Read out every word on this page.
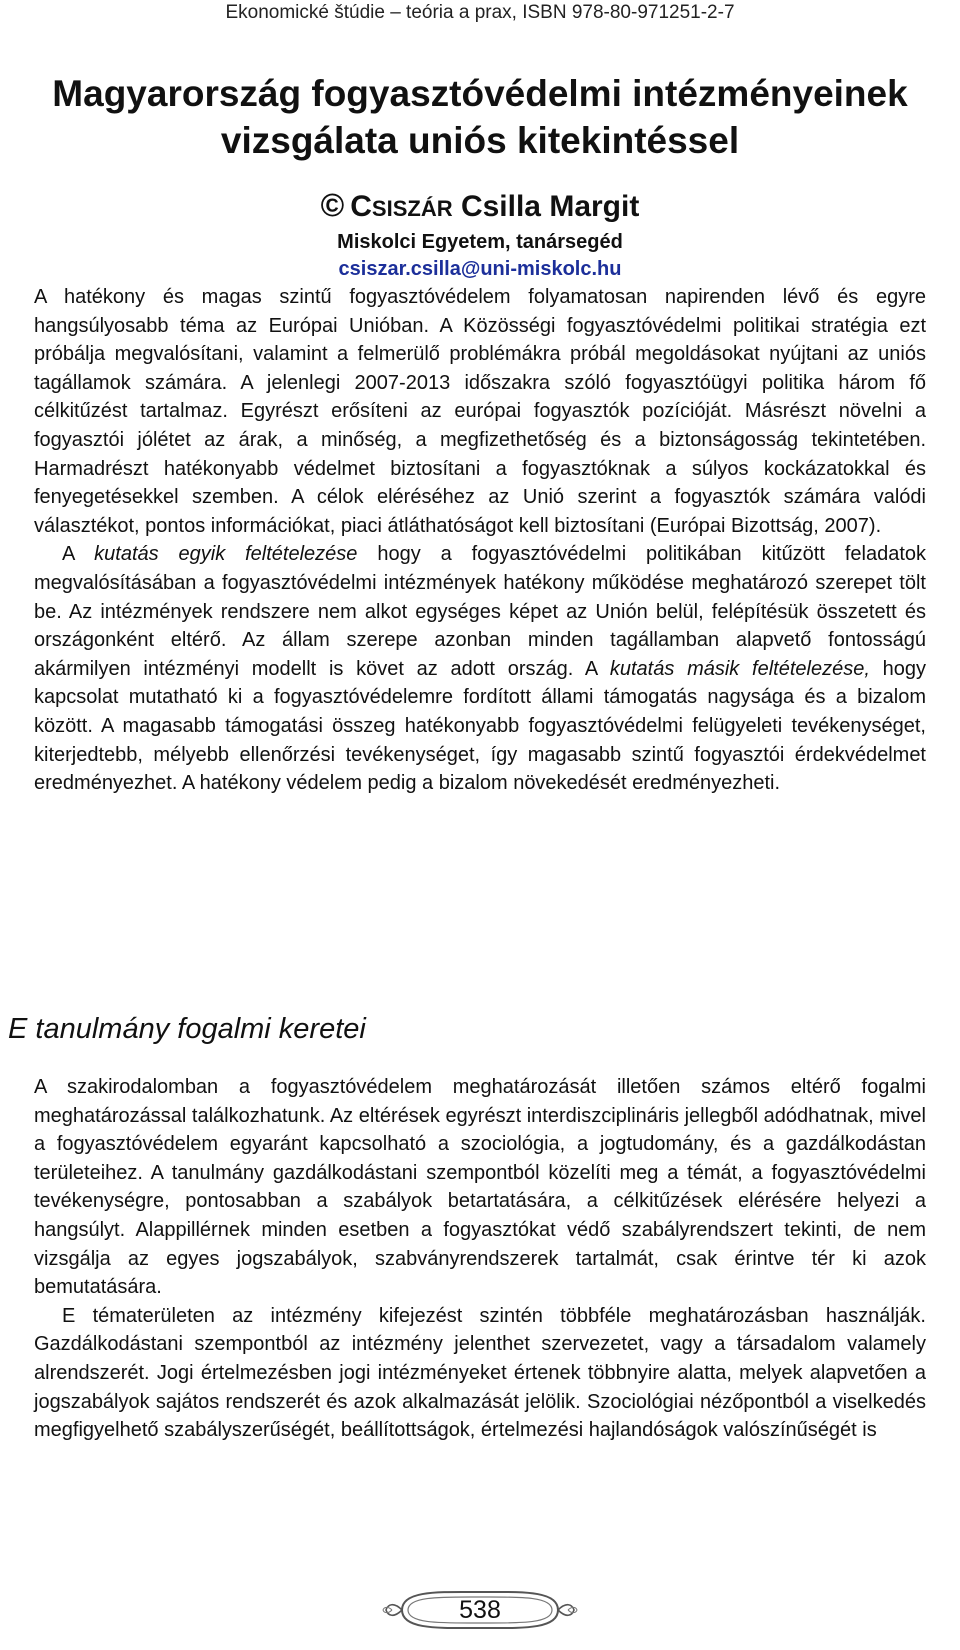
Ekonomické štúdie – teória a prax, ISBN 978-80-971251-2-7
Magyarország fogyasztóvédelmi intézményeinek
vizsgálata uniós kitekintéssel

© CSISZÁR Csilla Margit

Miskolci Egyetem, tanársegéd

csiszar.csilla@uni-miskolc.hu

A hatékony és magas szintű fogyasztóvédelem folyamatosan napirenden lévő és egyre hangsúlyosabb téma az Európai Unióban. A Közösségi fogyasztóvédelmi politikai stratégia ezt próbálja megvalósítani, valamint a felmerülő problémákra próbál megoldásokat nyújtani az uniós tagállamok számára. A jelenlegi 2007-2013 időszakra szóló fogyasztóügyi politika három fő célkitűzést tartalmaz. Egyrészt erősíteni az európai fogyasztók pozícióját. Másrészt növelni a fogyasztói jólétet az árak, a minőség, a megfizethetőség és a biztonságosság tekintetében. Harmadrészt hatékonyabb védelmet biztosítani a fogyasztóknak a súlyos kockázatokkal és fenyegetésekkel szemben. A célok eléréséhez az Unió szerint a fogyasztók számára valódi választékot, pontos információkat, piaci átláthatóságot kell biztosítani (Európai Bizottság, 2007).

A kutatás egyik feltételezése hogy a fogyasztóvédelmi politikában kitűzött feladatok megvalósításában a fogyasztóvédelmi intézmények hatékony működése meghatározó szerepet tölt be. Az intézmények rendszere nem alkot egységes képet az Unión belül, felépítésük összetett és országonként eltérő. Az állam szerepe azonban minden tagállamban alapvető fontosságú akármilyen intézményi modellt is követ az adott ország. A kutatás másik feltételezése, hogy kapcsolat mutatható ki a fogyasztóvédelemre fordított állami támogatás nagysága és a bizalom között. A magasabb támogatási összeg hatékonyabb fogyasztóvédelmi felügyeleti tevékenységet, kiterjedtebb, mélyebb ellenőrzési tevékenységet, így magasabb szintű fogyasztói érdekvédelmet eredményezhet. A hatékony védelem pedig a bizalom növekedését eredményezheti.

E tanulmány fogalmi keretei

A szakirodalomban a fogyasztóvédelem meghatározását illetően számos eltérő fogalmi meghatározással találkozhatunk. Az eltérések egyrészt interdiszciplináris jellegből adódhatnak, mivel a fogyasztóvédelem egyaránt kapcsolható a szociológia, a jogtudomány, és a gazdálkodástan területeihez. A tanulmány gazdálkodástani szempontból közelíti meg a témát, a fogyasztóvédelmi tevékenységre, pontosabban a szabályok betartatására, a célkitűzések elérésére helyezi a hangsúlyt. Alappillérnek minden esetben a fogyasztókat védő szabályrendszert tekinti, de nem vizsgálja az egyes jogszabályok, szabványrendszerek tartalmát, csak érintve tér ki azok bemutatására.

E tématerületen az intézmény kifejezést szintén többféle meghatározásban használják. Gazdálkodástani szempontból az intézmény jelenthet szervezetet, vagy a társadalom valamely alrendszerét. Jogi értelmezésben jogi intézményeket értenek többnyire alatta, melyek alapvetően a jogszabályok sajátos rendszerét és azok alkalmazását jelölik. Szociológiai nézőpontból a viselkedés megfigyelhető szabályszerűségét, beállítottságok, értelmezési hajlandóságok valószínűségét is

538
